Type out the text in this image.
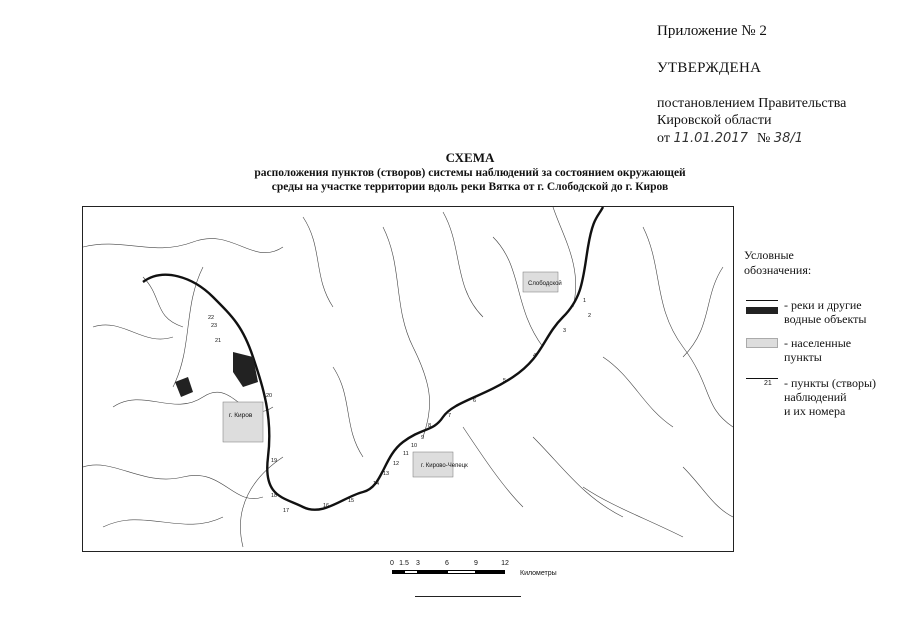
Приложение № 2
УТВЕРЖДЕНА
постановлением Правительства
Кировской области
от 11.01.2017 № 38/1
СХЕМА
расположения пунктов (створов) системы наблюдений за состоянием окружающей
среды на участке территории вдоль реки Вятка от г. Слободской до г. Киров
г. Киров
Слободской
г. Кирово-Чепецк
1
2
3
4
5
6
7
8
9
10
11
12
13
14
15
16
17
18
19
20
21
22
23
Условные
обозначения:
- реки и другие
водные объекты
- населенные
пункты
21 - пункты (створы)
наблюдений
и их номера
0 1.5 3	6	9	12
Километры
